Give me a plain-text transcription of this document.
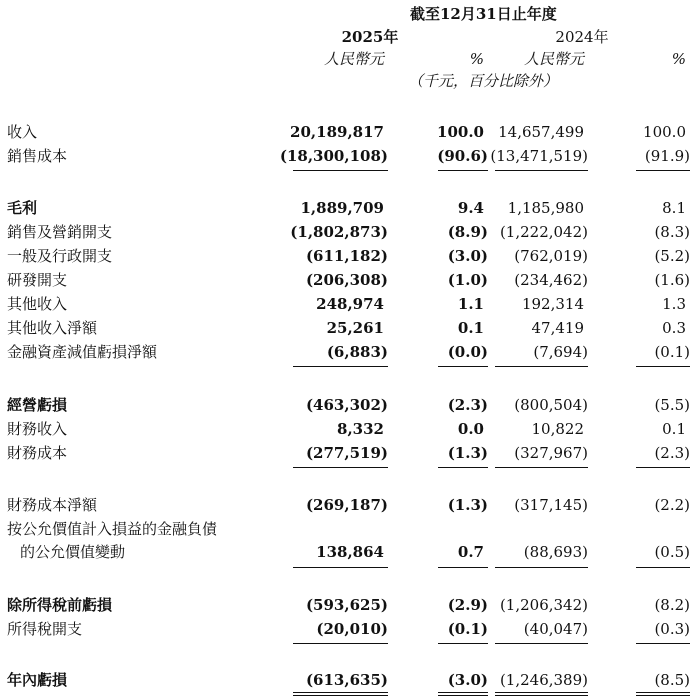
截至12月31日止年度
2025年	2024年
人民幣元	%	人民幣元	%
（千元，百分比除外）
收入	20,189,817	100.0 14,657,499	100.0
銷售成本	(18,300,108)	(90.6) (13,471,519)	(91.9)
毛利	1,889,709	9.4	1,185,980	8.1
銷售及營銷開支	(1,802,873)	(8.9) (1,222,042)	(8.3)
一般及行政開支	(611,182)	(3.0)	(762,019)	(5.2)
研發開支	(206,308)	(1.0)	(234,462)	(1.6)
其他收入	248,974	1.1	192,314	1.3
其他收入淨額	25,261	0.1	47,419	0.3
金融資產減值虧損淨額	(6,883)	(0.0)	(7,694)	(0.1)
經營虧損	(463,302)	(2.3)	(800,504)	(5.5)
財務收入	8,332	0.0	10,822	0.1
財務成本	(277,519)	(1.3)	(327,967)	(2.3)
財務成本淨額	(269,187)	(1.3)	(317,145)	(2.2)
按公允價值計入損益的金融負債
的公允價值變動	138,864	0.7	(88,693)	(0.5)
除所得稅前虧損	(593,625)	(2.9) (1,206,342)	(8.2)
所得稅開支	(20,010)	(0.1)	(40,047)	(0.3)
年內虧損	(613,635)	(3.0) (1,246,389)	(8.5)
